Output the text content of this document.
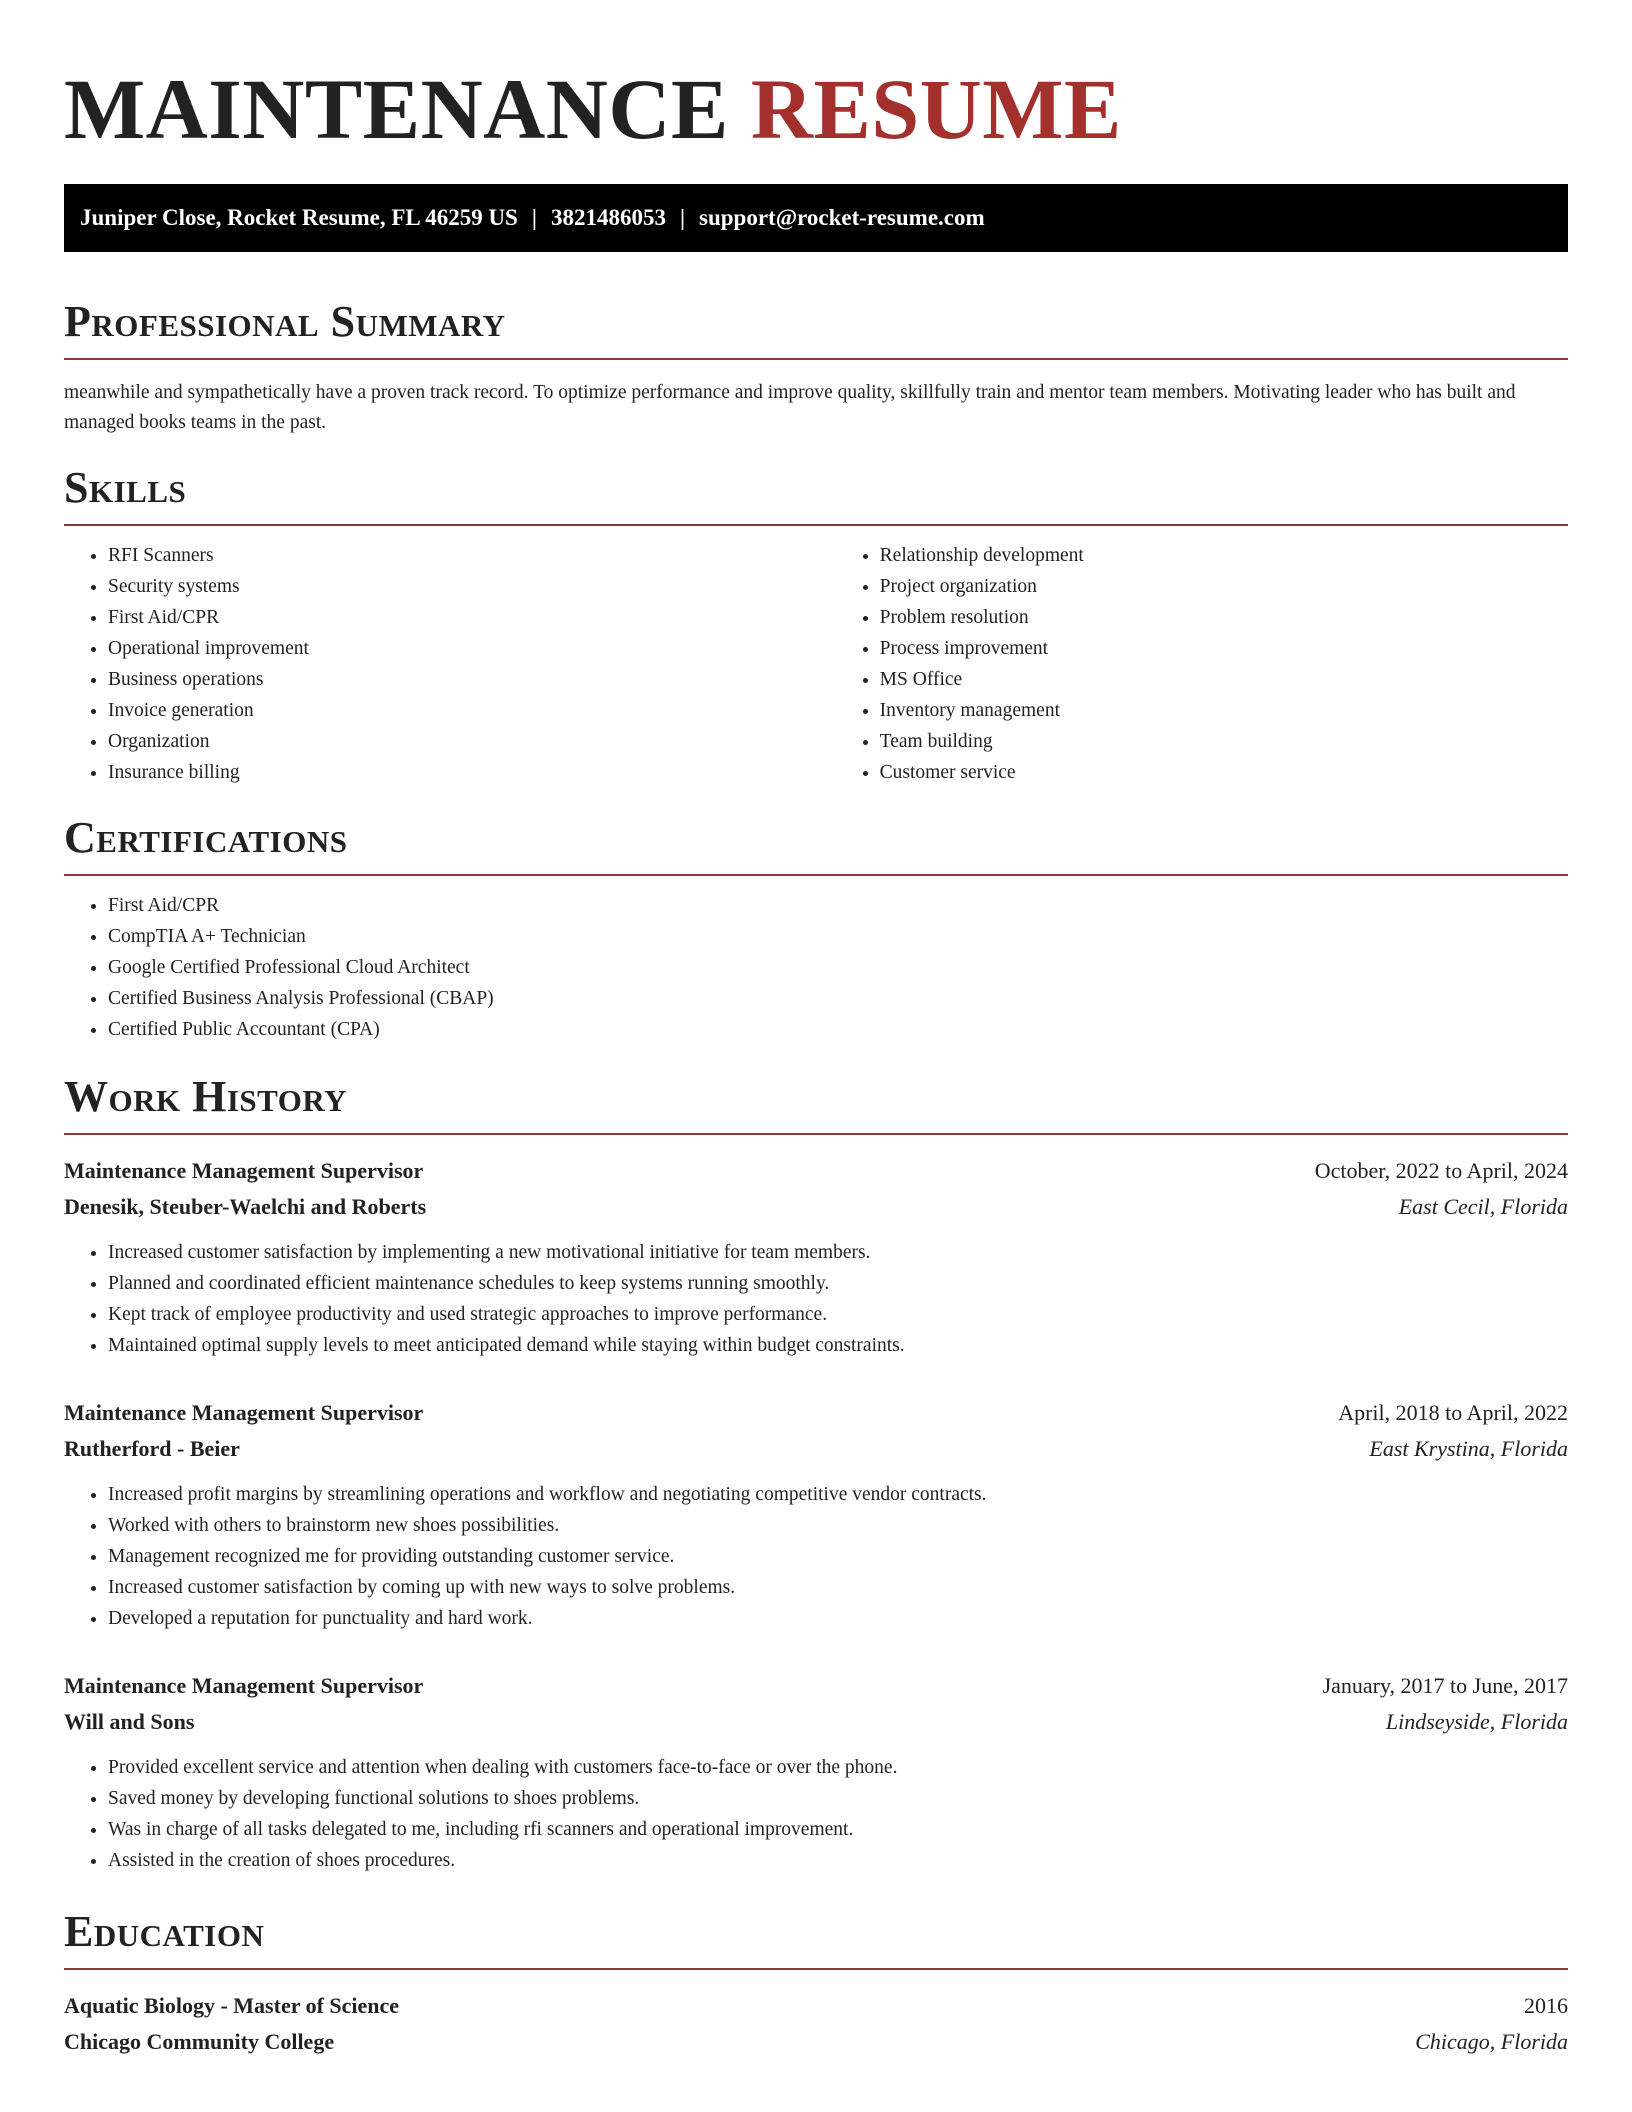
MAINTENANCE RESUME
Juniper Close, Rocket Resume, FL 46259 US | 3821486053 | support@rocket-resume.com
Professional Summary

meanwhile and sympathetically have a proven track record. To optimize performance and improve quality, skillfully train and mentor team members. Motivating leader who has built and managed books teams in the past.

Skills
• RFI Scanners
• Security systems
• First Aid/CPR
• Operational improvement
• Business operations
• Invoice generation
• Organization
• Insurance billing
• Relationship development
• Project organization
• Problem resolution
• Process improvement
• MS Office
• Inventory management
• Team building
• Customer service
Certifications
• First Aid/CPR
• CompTIA A+ Technician
• Google Certified Professional Cloud Architect
• Certified Business Analysis Professional (CBAP)
• Certified Public Accountant (CPA)
Work History
Maintenance Management Supervisor	October, 2022 to April, 2024
Denesik, Steuber-Waelchi and Roberts	East Cecil, Florida
• Increased customer satisfaction by implementing a new motivational initiative for team members.
• Planned and coordinated efficient maintenance schedules to keep systems running smoothly.
• Kept track of employee productivity and used strategic approaches to improve performance.
• Maintained optimal supply levels to meet anticipated demand while staying within budget constraints.
Maintenance Management Supervisor	April, 2018 to April, 2022
Rutherford - Beier	East Krystina, Florida
• Increased profit margins by streamlining operations and workflow and negotiating competitive vendor contracts.
• Worked with others to brainstorm new shoes possibilities.
• Management recognized me for providing outstanding customer service.
• Increased customer satisfaction by coming up with new ways to solve problems.
• Developed a reputation for punctuality and hard work.
Maintenance Management Supervisor	January, 2017 to June, 2017
Will and Sons	Lindseyside, Florida
• Provided excellent service and attention when dealing with customers face-to-face or over the phone.
• Saved money by developing functional solutions to shoes problems.
• Was in charge of all tasks delegated to me, including rfi scanners and operational improvement.
• Assisted in the creation of shoes procedures.
Education
Aquatic Biology - Master of Science	2016
Chicago Community College	Chicago, Florida
